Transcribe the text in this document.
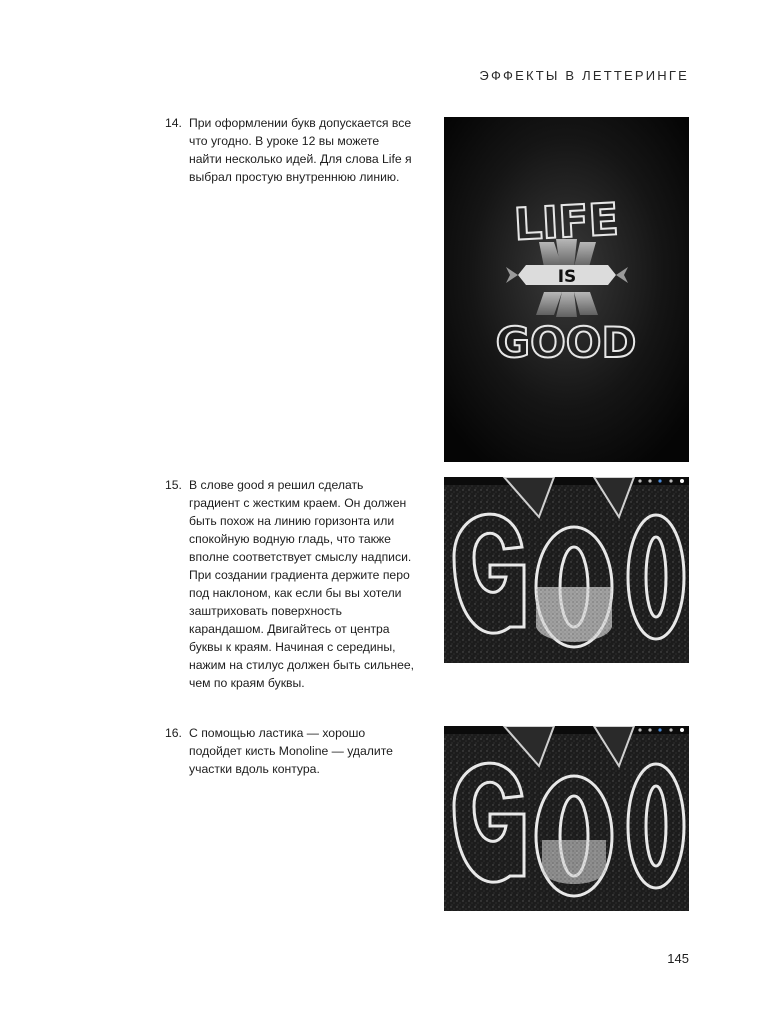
ЭФФЕКТЫ В ЛЕТТЕРИНГЕ
14. При оформлении букв допускается все что угодно. В уроке 12 вы можете найти несколько идей. Для слова Life я выбрал простую внутреннюю линию.
15. В слове good я решил сделать градиент с жестким краем. Он должен быть похож на линию горизонта или спокойную водную гладь, что также вполне соответствует смыслу надписи. При создании градиента держите перо под наклоном, как если бы вы хотели заштриховать поверхность карандашом. Двигайтесь от центра буквы к краям. Начиная с середины, нажим на стилус должен быть сильнее, чем по краям буквы.
16. С помощью ластика — хорошо подойдет кисть Monoline — удалите участки вдоль контура.
LIFE
IS
GOOD
145
